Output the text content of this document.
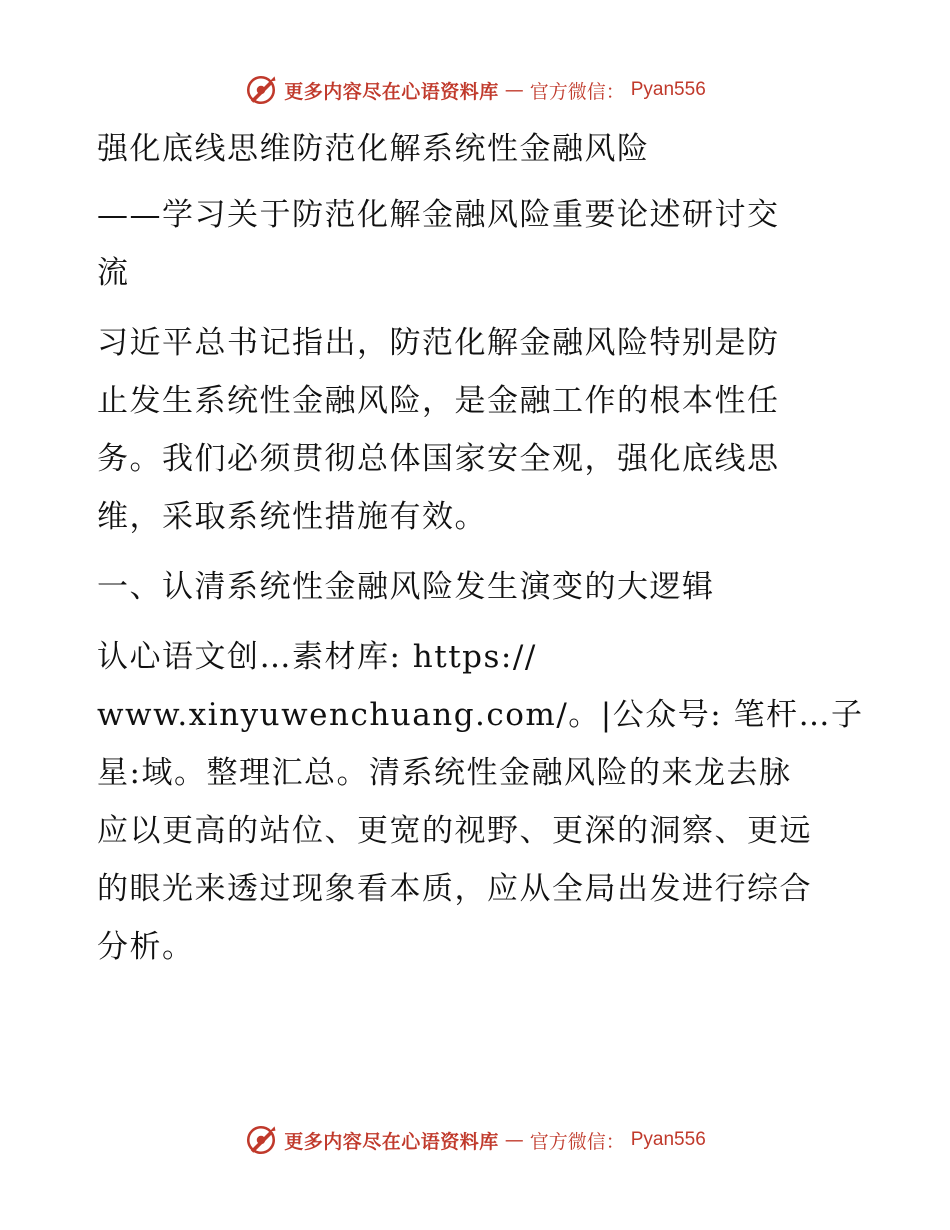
更多内容尽在心语资料库 — 官方微信： Pyan556
强化底线思维防范化解系统性金融风险
——学习关于防范化解金融风险重要论述研讨交
流
习近平总书记指出，防范化解金融风险特别是防
止发生系统性金融风险，是金融工作的根本性任
务。我们必须贯彻总体国家安全观，强化底线思
维，采取系统性措施有效。
一、认清系统性金融风险发生演变的大逻辑
认心语文创…素材库: https://
www.xinyuwenchuang.com/。|公众号: 笔杆…子
星:域。整理汇总。清系统性金融风险的来龙去脉
应以更高的站位、更宽的视野、更深的洞察、更远
的眼光来透过现象看本质，应从全局出发进行综合
分析。
更多内容尽在心语资料库 — 官方微信： Pyan556
